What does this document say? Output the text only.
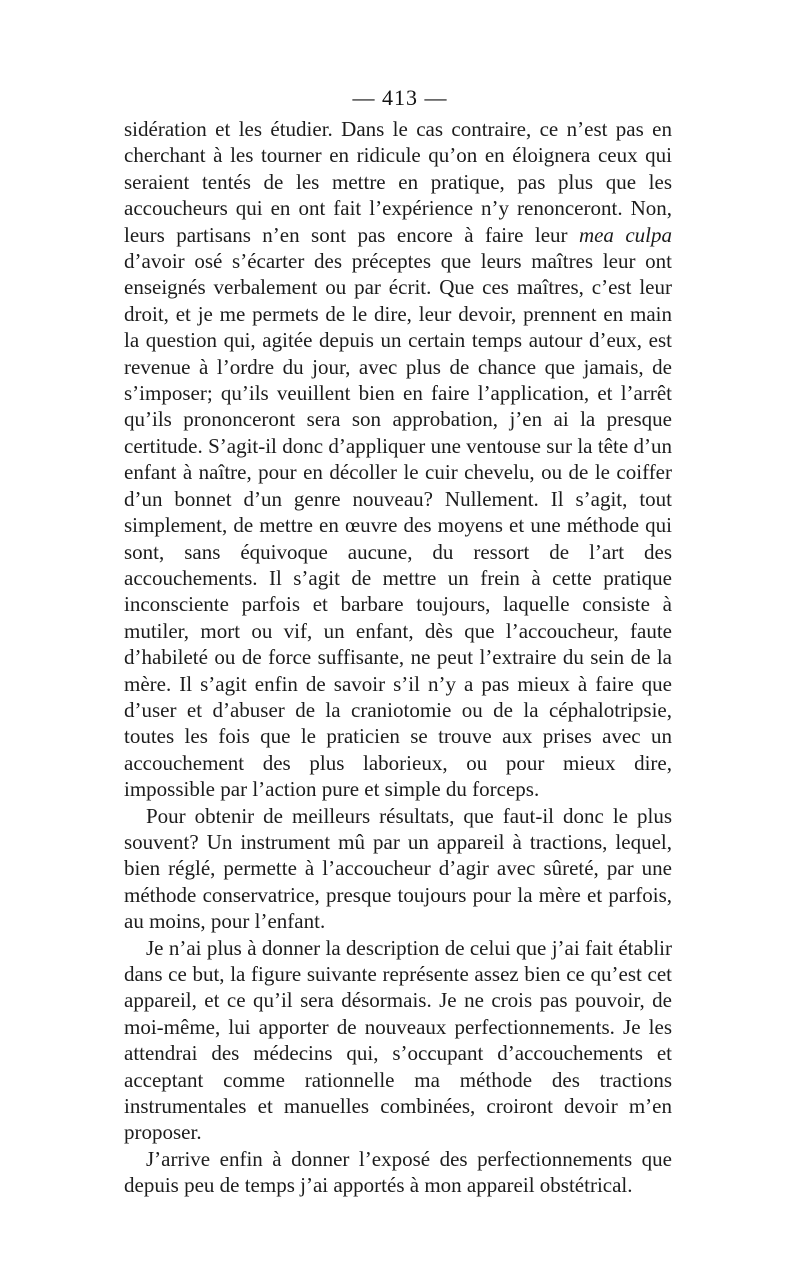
— 413 —

sidération et les étudier. Dans le cas contraire, ce n’est pas en cherchant à les tourner en ridicule qu’on en éloignera ceux qui seraient tentés de les mettre en pratique, pas plus que les accoucheurs qui en ont fait l’expérience n’y renonceront. Non, leurs partisans n’en sont pas encore à faire leur mea culpa d’avoir osé s’écarter des préceptes que leurs maîtres leur ont enseignés verbalement ou par écrit. Que ces maîtres, c’est leur droit, et je me permets de le dire, leur devoir, prennent en main la question qui, agitée depuis un certain temps autour d’eux, est revenue à l’ordre du jour, avec plus de chance que jamais, de s’imposer; qu’ils veuillent bien en faire l’application, et l’arrêt qu’ils prononceront sera son approbation, j’en ai la presque certitude. S’agit-il donc d’appliquer une ventouse sur la tête d’un enfant à naître, pour en décoller le cuir chevelu, ou de le coiffer d’un bonnet d’un genre nouveau? Nullement. Il s’agit, tout simplement, de mettre en œuvre des moyens et une méthode qui sont, sans équivoque aucune, du ressort de l’art des accouchements. Il s’agit de mettre un frein à cette pratique inconsciente parfois et barbare toujours, laquelle consiste à mutiler, mort ou vif, un enfant, dès que l’accoucheur, faute d’habileté ou de force suffisante, ne peut l’extraire du sein de la mère. Il s’agit enfin de savoir s’il n’y a pas mieux à faire que d’user et d’abuser de la craniotomie ou de la céphalotripsie, toutes les fois que le praticien se trouve aux prises avec un accouchement des plus laborieux, ou pour mieux dire, impossible par l’action pure et simple du forceps.

Pour obtenir de meilleurs résultats, que faut-il donc le plus souvent? Un instrument mû par un appareil à tractions, lequel, bien réglé, permette à l’accoucheur d’agir avec sûreté, par une méthode conservatrice, presque toujours pour la mère et parfois, au moins, pour l’enfant.

Je n’ai plus à donner la description de celui que j’ai fait établir dans ce but, la figure suivante représente assez bien ce qu’est cet appareil, et ce qu’il sera désormais. Je ne crois pas pouvoir, de moi-même, lui apporter de nouveaux perfectionnements. Je les attendrai des médecins qui, s’occupant d’accouchements et acceptant comme rationnelle ma méthode des tractions instrumentales et manuelles combinées, croiront devoir m’en proposer.

J’arrive enfin à donner l’exposé des perfectionnements que depuis peu de temps j’ai apportés à mon appareil obstétrical.
